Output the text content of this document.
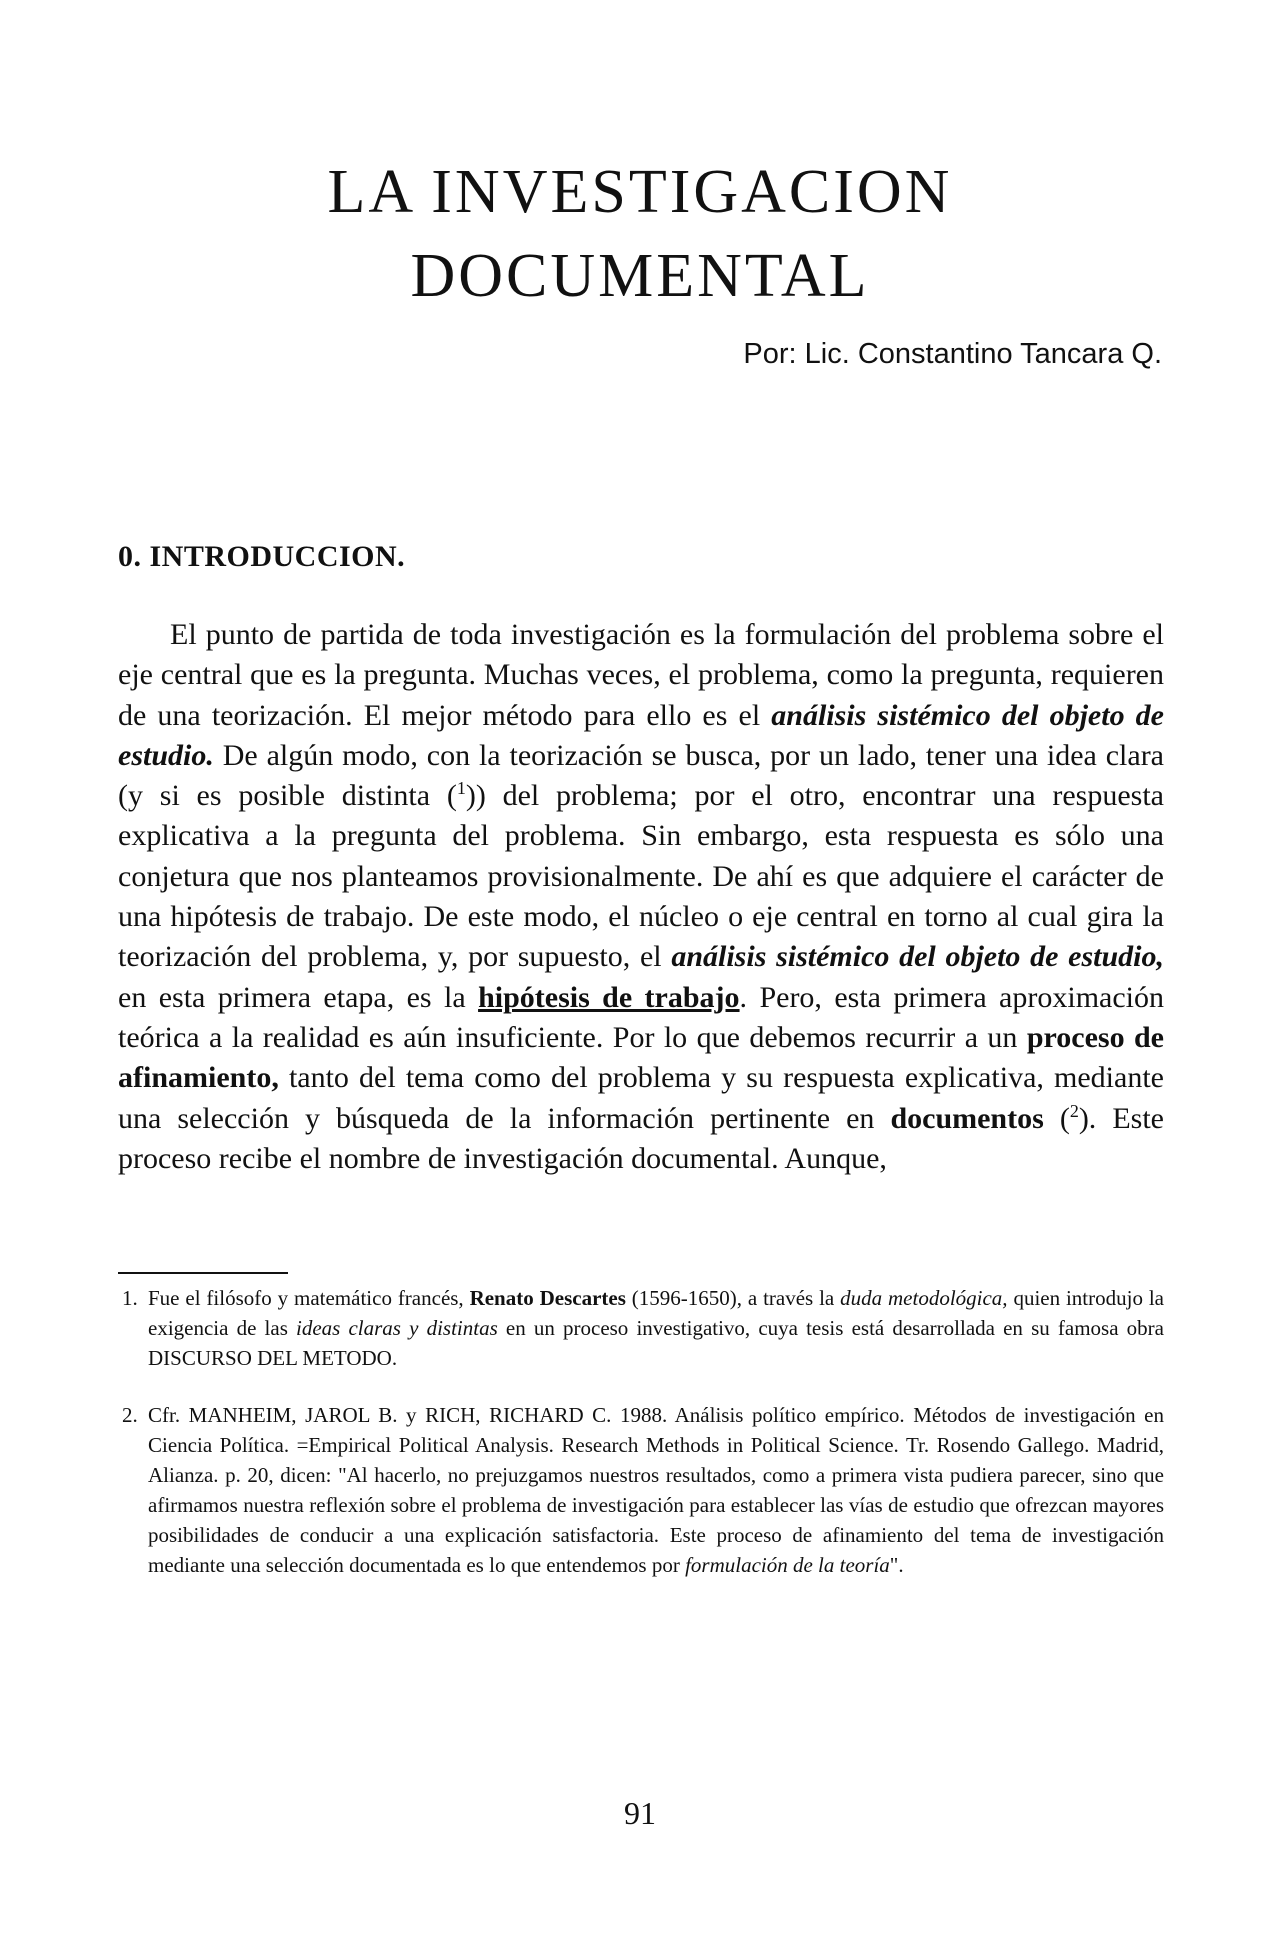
LA INVESTIGACION
DOCUMENTAL

Por: Lic. Constantino Tancara Q.

0. INTRODUCCION.

El punto de partida de toda investigación es la formulación del problema sobre el eje central que es la pregunta. Muchas veces, el problema, como la pregunta, requieren de una teorización. El mejor método para ello es el análisis sistémico del objeto de estudio. De algún modo, con la teorización se busca, por un lado, tener una idea clara (y si es posible distinta ($^1$)) del problema; por el otro, encontrar una respuesta explicativa a la pregunta del problema. Sin embargo, esta respuesta es sólo una conjetura que nos planteamos provisionalmente. De ahí es que adquiere el carácter de una hipótesis de trabajo. De este modo, el núcleo o eje central en torno al cual gira la teorización del problema, y, por supuesto, el análisis sistémico del objeto de estudio, en esta primera etapa, es la hipótesis de trabajo. Pero, esta primera aproximación teórica a la realidad es aún insuficiente. Por lo que debemos recurrir a un proceso de afinamiento, tanto del tema como del problema y su respuesta explicativa, mediante una selección y búsqueda de la información pertinente en documentos ($^2$). Este proceso recibe el nombre de investigación documental. Aunque,

1. Fue el filósofo y matemático francés, Renato Descartes (1596-1650), a través la duda metodológica, quien introdujo la exigencia de las ideas claras y distintas en un proceso investigativo, cuya tesis está desarrollada en su famosa obra DISCURSO DEL METODO.

2. Cfr. MANHEIM, JAROL B. y RICH, RICHARD C. 1988. Análisis político empírico. Métodos de investigación en Ciencia Política. =Empirical Political Analysis. Research Methods in Political Science. Tr. Rosendo Gallego. Madrid, Alianza. p. 20, dicen: "Al hacerlo, no prejuzgamos nuestros resultados, como a primera vista pudiera parecer, sino que afirmamos nuestra reflexión sobre el problema de investigación para establecer las vías de estudio que ofrezcan mayores posibilidades de conducir a una explicación satisfactoria. Este proceso de afinamiento del tema de investigación mediante una selección documentada es lo que entendemos por formulación de la teoría".

91
